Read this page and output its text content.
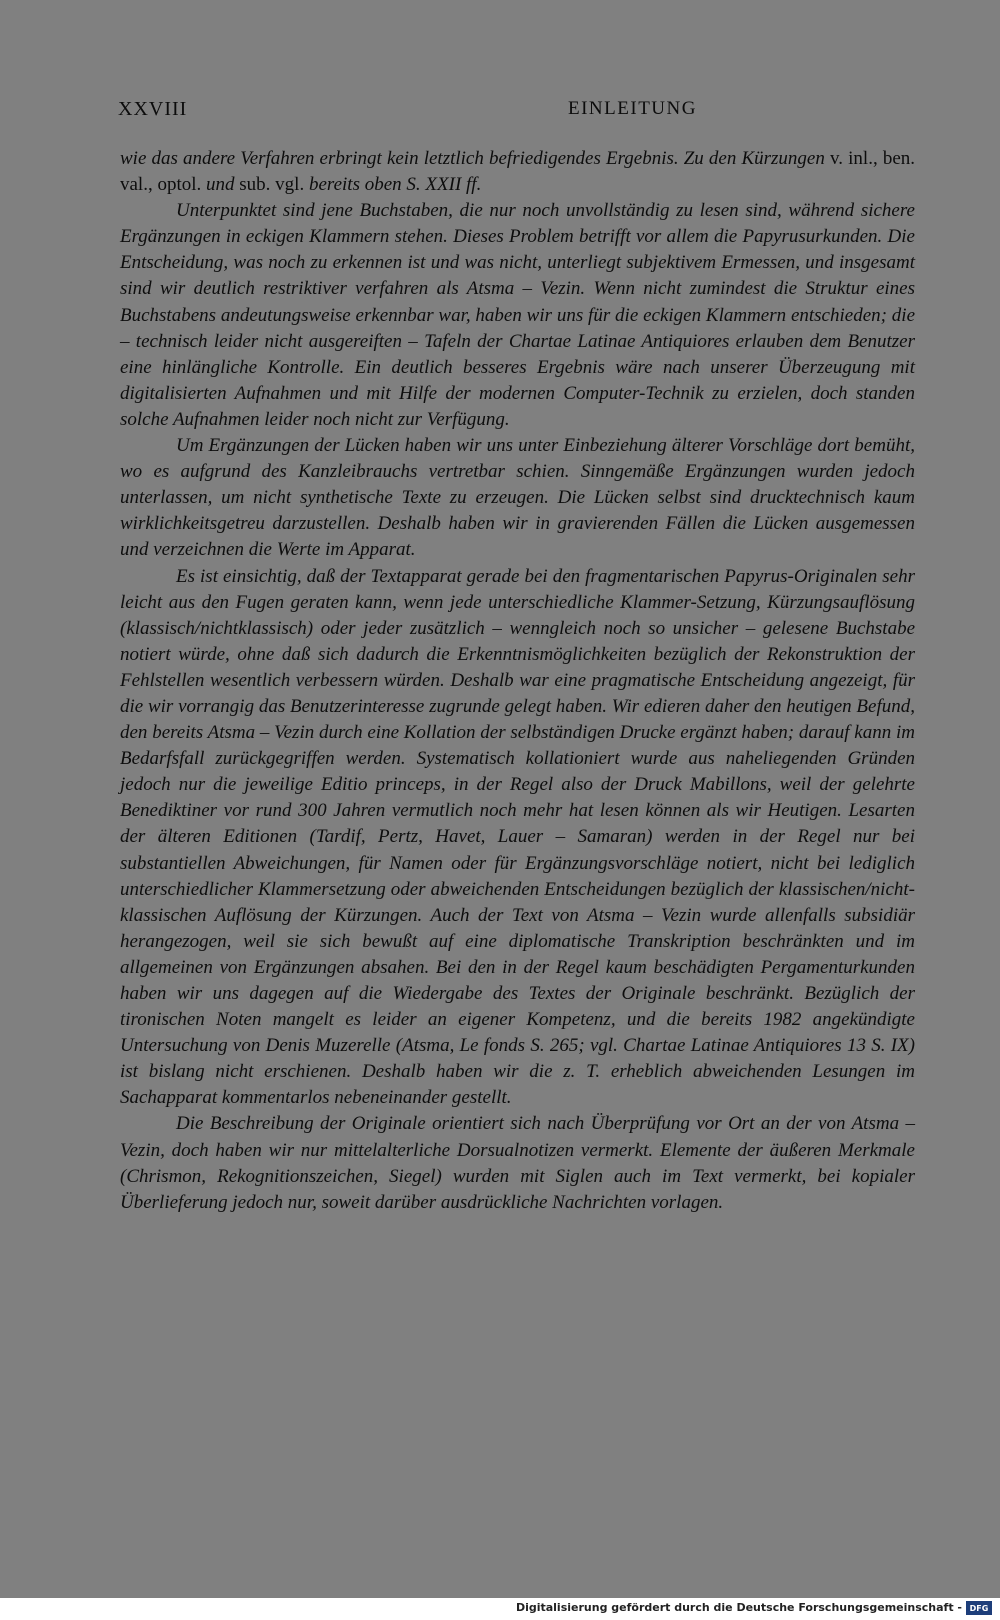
XXVIII	EINLEITUNG

wie das andere Verfahren erbringt kein letztlich befriedigendes Ergebnis. Zu den Kürzungen v. inl., ben. val., optol. und sub. vgl. bereits oben S. XXII ff.

Unterpunktet sind jene Buchstaben, die nur noch unvollständig zu lesen sind, während sichere Ergänzungen in eckigen Klammern stehen. Dieses Problem betrifft vor allem die Papyrusurkunden. Die Entscheidung, was noch zu erkennen ist und was nicht, unterliegt subjektivem Ermessen, und insgesamt sind wir deutlich restriktiver verfahren als Atsma – Vezin. Wenn nicht zumindest die Struktur eines Buchstabens andeutungsweise erkennbar war, haben wir uns für die eckigen Klammern entschieden; die – technisch leider nicht ausgereiften – Tafeln der Chartae Latinae Antiquiores erlauben dem Benutzer eine hinlängliche Kontrolle. Ein deutlich besseres Ergebnis wäre nach unserer Überzeugung mit digitalisierten Aufnahmen und mit Hilfe der modernen Computer-Technik zu erzielen, doch standen solche Aufnahmen leider noch nicht zur Verfügung.

Um Ergänzungen der Lücken haben wir uns unter Einbeziehung älterer Vorschläge dort bemüht, wo es aufgrund des Kanzleibrauchs vertretbar schien. Sinngemäße Ergänzungen wurden jedoch unterlassen, um nicht synthetische Texte zu erzeugen. Die Lücken selbst sind drucktechnisch kaum wirklichkeitsgetreu darzustellen. Deshalb haben wir in gravierenden Fällen die Lücken ausgemessen und verzeichnen die Werte im Apparat.

Es ist einsichtig, daß der Textapparat gerade bei den fragmentarischen Papyrus-Originalen sehr leicht aus den Fugen geraten kann, wenn jede unterschiedliche Klammer-Setzung, Kürzungsauflösung (klassisch/nichtklassisch) oder jeder zusätzlich – wenngleich noch so unsicher – gelesene Buchstabe notiert würde, ohne daß sich dadurch die Erkenntnismöglichkeiten bezüglich der Rekonstruktion der Fehlstellen wesentlich verbessern würden. Deshalb war eine pragmatische Entscheidung angezeigt, für die wir vorrangig das Benutzerinteresse zugrunde gelegt haben. Wir edieren daher den heutigen Befund, den bereits Atsma – Vezin durch eine Kollation der selbständigen Drucke ergänzt haben; darauf kann im Bedarfsfall zurückgegriffen werden. Systematisch kollationiert wurde aus naheliegenden Gründen jedoch nur die jeweilige Editio princeps, in der Regel also der Druck Mabillons, weil der gelehrte Benediktiner vor rund 300 Jahren vermutlich noch mehr hat lesen können als wir Heutigen. Lesarten der älteren Editionen (Tardif, Pertz, Havet, Lauer – Samaran) werden in der Regel nur bei substantiellen Abweichungen, für Namen oder für Ergänzungsvorschläge notiert, nicht bei lediglich unterschiedlicher Klammersetzung oder abweichenden Entscheidungen bezüglich der klassischen/nicht-klassischen Auflösung der Kürzungen. Auch der Text von Atsma – Vezin wurde allenfalls subsidiär herangezogen, weil sie sich bewußt auf eine diplomatische Transkription beschränkten und im allgemeinen von Ergänzungen absahen. Bei den in der Regel kaum beschädigten Pergamenturkunden haben wir uns dagegen auf die Wiedergabe des Textes der Originale beschränkt. Bezüglich der tironischen Noten mangelt es leider an eigener Kompetenz, und die bereits 1982 angekündigte Untersuchung von Denis Muzerelle (Atsma, Le fonds S. 265; vgl. Chartae Latinae Antiquiores 13 S. IX) ist bislang nicht erschienen. Deshalb haben wir die z. T. erheblich abweichenden Lesungen im Sachapparat kommentarlos nebeneinander gestellt.

Die Beschreibung der Originale orientiert sich nach Überprüfung vor Ort an der von Atsma – Vezin, doch haben wir nur mittelalterliche Dorsualnotizen vermerkt. Elemente der äußeren Merkmale (Chrismon, Rekognitionszeichen, Siegel) wurden mit Siglen auch im Text vermerkt, bei kopialer Überlieferung jedoch nur, soweit darüber ausdrückliche Nachrichten vorlagen.

Digitalisierung gefördert durch die Deutsche Forschungsgemeinschaft - DFG
